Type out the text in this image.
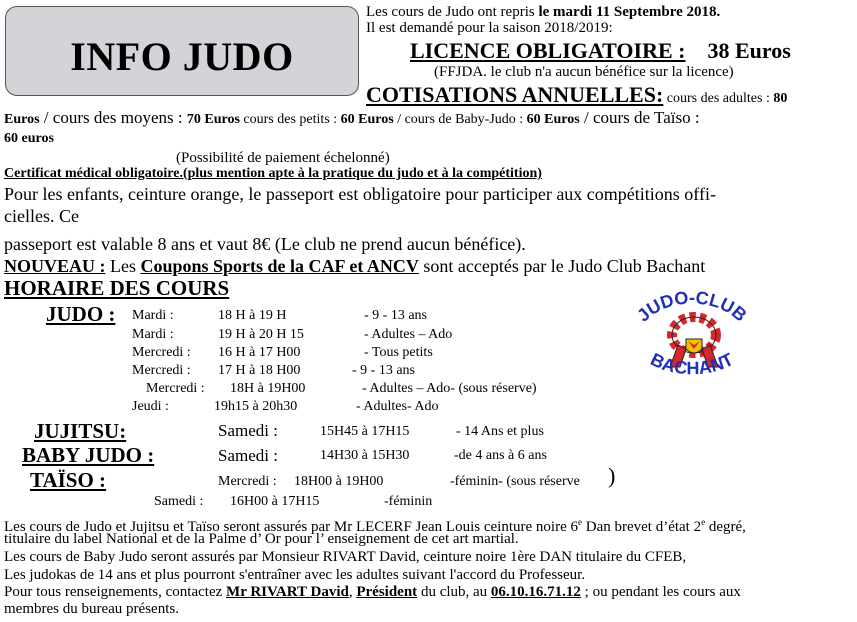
INFO JUDO
Les cours de Judo ont repris le mardi 11 Septembre 2018.
Il est demandé pour la saison 2018/2019:
LICENCE OBLIGATOIRE : 38 Euros
(FFJDA. le club n'a aucun bénéfice sur la licence)
COTISATIONS ANNUELLES: cours des adultes : 80
Euros / cours des moyens : 70 Euros cours des petits : 60 Euros / cours de Baby-Judo : 60 Euros / cours de Taïso :
60 euros
(Possibilité de paiement échelonné)
Certificat médical obligatoire.(plus mention apte à la pratique du judo et à la compétition)
Pour les enfants, ceinture orange, le passeport est obligatoire pour participer aux compétitions offi-
cielles. Ce
passeport est valable 8 ans et vaut 8€ (Le club ne prend aucun bénéfice).
NOUVEAU : Les Coupons Sports de la CAF et ANCV sont acceptés par le Judo Club Bachant
HORAIRE DES COURS
JUDO : Mardi :	18 H à 19 H	- 9 - 13 ans
Mardi :	19 H à 20 H 15	- Adultes – Ado
Mercredi : 16 H à 17 H00	- Tous petits
Mercredi : 17 H à 18 H00	- 9 - 13 ans
Mercredi : 18H à 19H00	- Adultes – Ado- (sous réserve)
Jeudi :	19h15 à 20h30	- Adultes- Ado
JUJITSU:	Samedi :	15H45 à 17H15	- 14 Ans et plus
BABY JUDO :	Samedi :	14H30 à 15H30	-de 4 ans à 6 ans
TAÏSO :	Mercredi : 18H00 à 19H00	-féminin- (sous réserve )
Samedi : 16H00 à 17H15	-féminin
Les cours de Judo et Jujitsu et Taïso seront assurés par Mr LECERF Jean Louis ceinture noire 6e Dan brevet d’état 2e degré,
titulaire du label National et de la Palme d’ Or pour l’ enseignement de cet art martial.
Les cours de Baby Judo seront assurés par Monsieur RIVART David, ceinture noire 1ère DAN titulaire du CFEB,
Les judokas de 14 ans et plus pourront s'entraîner avec les adultes suivant l'accord du Professeur.
Pour tous renseignements, contactez Mr RIVART David, Président du club, au 06.10.16.71.12 ; ou pendant les cours aux
membres du bureau présents.
JUDO-CLUB
BACHANT
